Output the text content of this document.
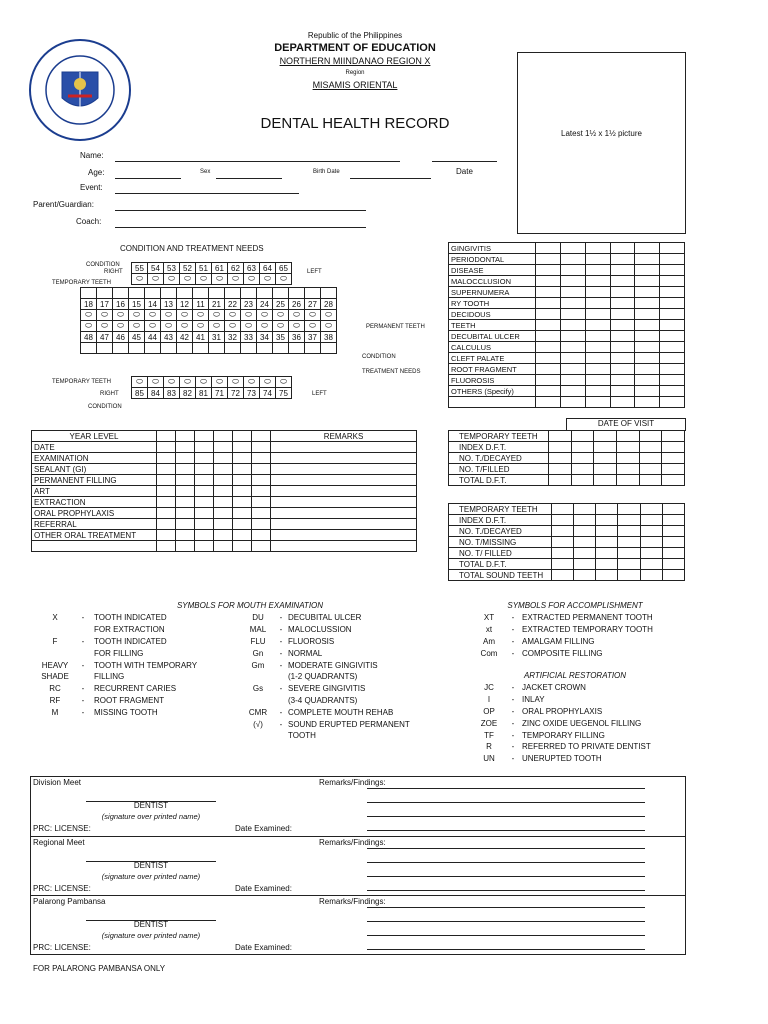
Republic of the Philippines
DEPARTMENT OF EDUCATION
NORTHERN MIINDANAO REGION X
Region
MISAMIS ORIENTAL
DENTAL HEALTH RECORD
Latest 1½ x 1½ picture
Name:
Age:	Sex	Birth Date	Date
Event:
Parent/Guardian:
Coach:
CONDITION AND TREATMENT NEEDS
CONDITION
RIGHT	LEFT
TEMPORARY TEETH
55	54	53	52	51	61	62	63	64	65
⬭	⬭	⬭	⬭	⬭	⬭	⬭	⬭	⬭	⬭

18	17	16	15	14	13	12	11	21	22	23	24	25	26	27	28
⬭	⬭	⬭	⬭	⬭	⬭	⬭	⬭	⬭	⬭	⬭	⬭	⬭	⬭	⬭	⬭
⬭	⬭	⬭	⬭	⬭	⬭	⬭	⬭	⬭	⬭	⬭	⬭	⬭	⬭	⬭	⬭
48	47	46	45	44	43	42	41	31	32	33	34	35	36	37	38

PERMANENT TEETH
CONDITION
TREATMENT NEEDS
TEMPORARY TEETH	⬭	⬭	⬭	⬭	⬭	⬭	⬭	⬭	⬭	⬭
85	84	83	82	81	71	72	73	74	75
RIGHT	LEFT
CONDITION
GINGIVITIS						
PERIODONTAL						
DISEASE						
MALOCCLUSION						
SUPERNUMERA						
RY TOOTH						
DECIDOUS						
TEETH						
DECUBITAL ULCER						
CALCULUS						
CLEFT PALATE						
ROOT FRAGMENT						
FLUOROSIS						
OTHERS (Specify)						

YEAR LEVEL							REMARKS
DATE							
EXAMINATION							
SEALANT (GI)							
PERMANENT FILLING							
ART							
EXTRACTION							
ORAL PROPHYLAXIS							
REFERRAL							
OTHER ORAL TREATMENT							

DATE OF VISIT
TEMPORARY TEETH						
INDEX D.F.T.						
NO. T./DECAYED						
NO. T/FILLED						
TOTAL D.F.T.						
TEMPORARY TEETH						
INDEX D.F.T.						
NO. T./DECAYED						
NO. T/MISSING						
NO. T/ FILLED						
TOTAL D.F.T.						
TOTAL SOUND TEETH						
SYMBOLS FOR MOUTH EXAMINATION
X	-	TOOTH INDICATED
		FOR EXTRACTION
F	-	TOOTH INDICATED
		FOR FILLING
HEAVY	-	TOOTH WITH TEMPORARY
SHADE		FILLING
RC	-	RECURRENT CARIES
RF	-	ROOT FRAGMENT
M	-	MISSING TOOTH
DU	-	DECUBITAL ULCER
MAL	-	MALOCLUSSION
FLU	-	FLUOROSIS
Gn	-	NORMAL
Gm	-	MODERATE GINGIVITIS
		(1-2 QUADRANTS)
Gs	-	SEVERE GINGIVITIS
		(3-4 QUADRANTS)
CMR	-	COMPLETE MOUTH REHAB
(√)	-	SOUND ERUPTED PERMANENT
		TOOTH
SYMBOLS FOR ACCOMPLISHMENT
XT	-	EXTRACTED PERMANENT TOOTH
xt	-	EXTRACTED TEMPORARY TOOTH
Am	-	AMALGAM FILLING
Com	-	COMPOSITE FILLING
ARTIFICIAL RESTORATION
JC	-	JACKET CROWN
I	-	INLAY
OP	-	ORAL PROPHYLAXIS
ZOE	-	ZINC OXIDE UEGENOL FILLING
TF	-	TEMPORARY FILLING
R	-	REFERRED TO PRIVATE DENTIST
UN	-	UNERUPTED TOOTH
Division Meet	Remarks/Findings:
DENTIST
(signature over printed name)
PRC: LICENSE:	Date Examined:
Regional Meet	Remarks/Findings:
DENTIST
(signature over printed name)
PRC: LICENSE:	Date Examined:
Palarong Pambansa	Remarks/Findings:
DENTIST
(signature over printed name)
PRC: LICENSE:	Date Examined:
FOR PALARONG PAMBANSA ONLY
